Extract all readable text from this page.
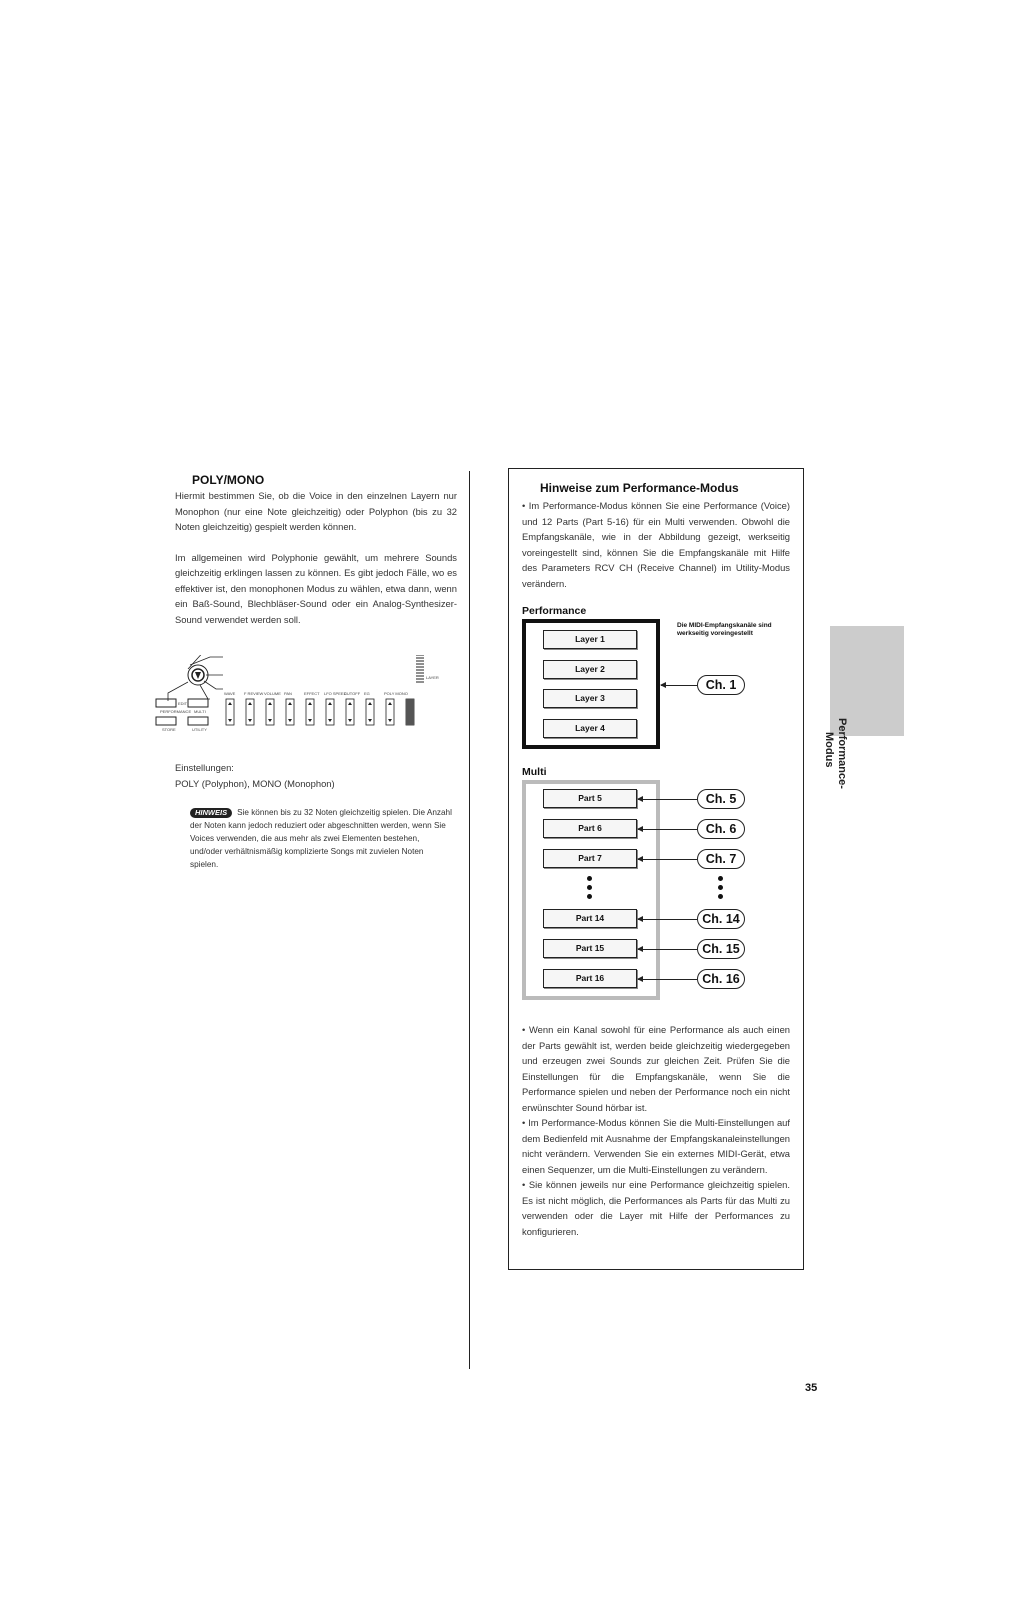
POLY/MONO

Hiermit bestimmen Sie, ob die Voice in den einzelnen Layern nur Monophon (nur eine Note gleichzeitig) oder Polyphon (bis zu 32 Noten gleichzeitig) gespielt werden können.

Im allgemeinen wird Polyphonie gewählt, um mehrere Sounds gleichzeitig erklingen lassen zu können. Es gibt jedoch Fälle, wo es effektiver ist, den monophonen Modus zu wählen, etwa dann, wenn ein Baß-Sound, Blechbläser-Sound oder ein Analog-Synthesizer-Sound verwendet werden soll.

PERFORMANCE MULTI
STORE	UTILITY
EDIT
LAYER
WAVE F REVIEW VOLUME PAN	EFFECT LFO SPEED
CUTOFF EG	POLY MONO

Einstellungen:

POLY (Polyphon), MONO (Monophon)

HINWEIS Sie können bis zu 32 Noten gleichzeitig spielen. Die Anzahl der Noten kann jedoch reduziert oder abgeschnitten werden, wenn Sie Voices verwenden, die aus mehr als zwei Elementen bestehen, und/oder verhältnismäßig komplizierte Songs mit zuvielen Noten spielen.
Hinweise zum Performance-Modus
• Im Performance-Modus können Sie eine Performance (Voice) und 12 Parts (Part 5-16) für ein Multi verwenden. Obwohl die Empfangskanäle, wie in der Abbildung gezeigt, werkseitig voreingestellt sind, können Sie die Empfangskanäle mit Hilfe des Parameters RCV CH (Receive Channel) im Utility-Modus verändern.
Performance
Die MIDI-Empfangskanäle sind werkseitig voreingestellt
Layer 1
Layer 2
Layer 3
Layer 4
Ch. 1
Multi
Part 5
Part 6
Part 7
Part 14
Part 15
Part 16
Ch. 5
Ch. 6
Ch. 7
Ch. 14
Ch. 15
Ch. 16

• Wenn ein Kanal sowohl für eine Performance als auch einen der Parts gewählt ist, werden beide gleichzeitig wiedergegeben und erzeugen zwei Sounds zur gleichen Zeit. Prüfen Sie die Einstellungen für die Empfangskanäle, wenn Sie die Performance spielen und neben der Performance noch ein nicht erwünschter Sound hörbar ist.

• Im Performance-Modus können Sie die Multi-Einstellungen auf dem Bedienfeld mit Ausnahme der Empfangskanaleinstellungen nicht verändern. Verwenden Sie ein externes MIDI-Gerät, etwa einen Sequenzer, um die Multi-Einstellungen zu verändern.

• Sie können jeweils nur eine Performance gleichzeitig spielen. Es ist nicht möglich, die Performances als Parts für das Multi zu verwenden oder die Layer mit Hilfe der Performances zu konfigurieren.

Performance-
Modus
35
